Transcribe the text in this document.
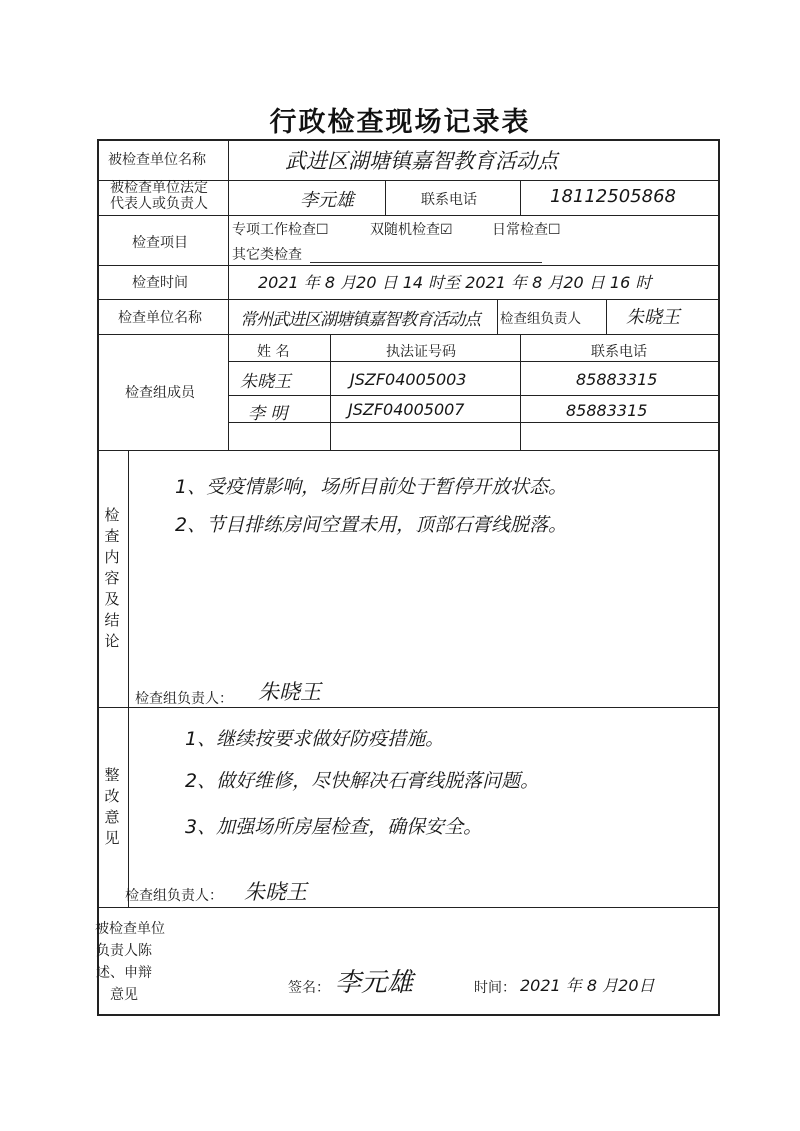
行政检查现场记录表
被检查单位名称	武进区湖塘镇嘉智教育活动点
被检查单位法定
代表人或负责人	李元雄	联系电话	18112505868
检查项目
专项工作检查☐	双随机检查☑	日常检查☐
其它类检查
检查时间	2021 年 8 月20 日 14 时至 2021 年 8 月20 日 16 时
检查单位名称 常州武进区湖塘镇嘉智教育活动点 检查组负责人	朱晓王
检查组成员
姓 名	执法证号码	联系电话
朱晓王	JSZF04005003	85883315
李 明	JSZF04005007	85883315
检
查
内
容
及
结
论
1、受疫情影响，场所目前处于暂停开放状态。
2、节目排练房间空置未用，顶部石膏线脱落。
检查组负责人： 朱晓王
整
改
意
见
1、继续按要求做好防疫措施。
2、做好维修，尽快解决石膏线脱落问题。
3、加强场所房屋检查，确保安全。
检查组负责人： 朱晓王
被检查单位
负责人陈
述、申辩
意见	签名： 李元雄	时间： 2021 年 8 月20日
